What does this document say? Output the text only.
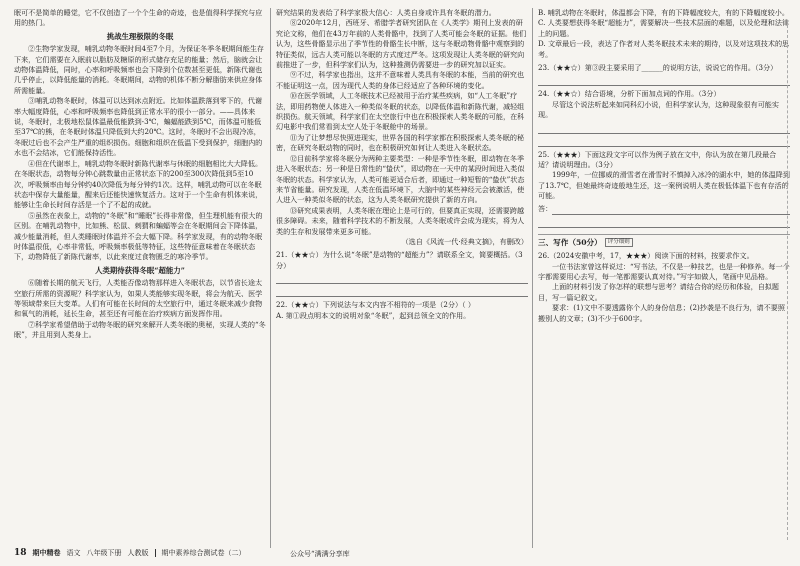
眠可不是简单的睡觉，它不仅创造了一个个生命的奇迹，也是值得科学探究与应用的热门。

挑战生理极限的冬眠

②生物学家发现，哺乳动物冬眠时间4至7个月，为保证冬季冬眠期间能生存下来，它们需要在入眠前以脂肪及糖原的形式储存充足的能量；然后，脑就会让动物体温降低，同时，心率和呼吸频率也会下降到个位数甚至更低，新陈代谢也几乎停止，以降低能量的消耗。冬眠期间，动物的机体不断分解脂肪来供应身体所需能量。

③哺乳动物冬眠时，体温可以达到冰点附近。比如体温跌落到零下的，代谢率大幅度降低，心率和呼吸频率也降低到正常水平的很小一部分。——具体来说，冬眠时，北极地松鼠体温最低能跌到-3℃，蝙蝠能跌到5℃，而体温可能低至37℃的熊，在冬眠时体温只降低到大约20℃。这时，冬眠时不会出现冷冻，冬眠过后也不会产生严重的组织损伤。细胞和组织在低温下受到保护，细胞内的水也不会结冰，它们能保持活性。

④但在代谢率上，哺乳动物冬眠时新陈代谢率与休眠的细胞相比大大降低。在冬眠状态，动物每分钟心跳数量由正常状态下的200至300次降低到5至10次，呼吸频率由每分钟约40次降低为每分钟约1次。这样，哺乳动物可以在冬眠状态中保存大量能量，醒来后还能快速恢复活力。这对于一个生命有机体来说，能够让生命长时间存活是一个了不起的成就。

⑤虽然在表象上，动物的“冬眠”和“睡眠”长得非常像，但生理机能有很大的区别。在哺乳动物中，比如熊、松鼠、刺猬和蝙蝠等会在冬眠期间会下降体温，减少能量消耗，但人类睡眠时体温并不会大幅下降。科学家发现，有的动物冬眠时体温很低，心率非常低，呼吸频率极低等特征，这些特征意味着在冬眠状态下，动物降低了新陈代谢率，以此来度过食物匮乏的寒冷季节。

人类期待获得冬眠“超能力”

⑥随着长期的航天飞行，人类能否像动物那样进入冬眠状态，以节省长途太空旅行所需的资源呢？科学家认为，如果人类能够实现冬眠，将会为航天、医学等领域带来巨大变革。人们有可能在长时间的太空旅行中，通过冬眠来减少食物和氧气的消耗，延长生命，甚至还有可能在治疗疾病方面发挥作用。

⑦科学家希望借助于动物冬眠的研究来解开人类冬眠的奥秘，实现人类的“冬眠”，并且用到人类身上。

研究结果的发表给了科学家极大信心：人类自身或许具有冬眠的潜力。

⑧2020年12月，西班牙、希腊学者研究团队在《人类学》期刊上发表的研究论文称，他们在43万年前的人类骨骼中，找到了人类可能会冬眠的证据。他们认为，这些骨骼显示出了季节性的骨骼生长中断，这与冬眠动物骨骼中观察到的特征类似，远古人类可能以冬眠的方式度过严冬。这项发现让人类冬眠的研究向前推进了一步，但科学家们认为，这种推测仍需要进一步的研究加以证实。

⑨不过，科学家也指出，这并不意味着人类具有冬眠的本能，当前的研究也不能证明这一点，因为现代人类的身体已经适应了各种环境的变化。

⑩在医学领域，人工冬眠技术已经被用于治疗某些疾病，如“人工冬眠”疗法，即用药物使人体进入一种类似冬眠的状态，以降低体温和新陈代谢，减轻组织损伤。航天领域，科学家们在太空旅行中也在积极探索人类冬眠的可能，在科幻电影中我们常看到太空人处于冬眠舱中的场景。

⑪为了让梦想尽快照进现实，世界各国的科学家都在积极探索人类冬眠的秘密，在研究冬眠动物的同时，也在积极研究如何让人类进入冬眠状态。

⑫目前科学家将冬眠分为两种主要类型：一种是季节性冬眠，即动物在冬季进入冬眠状态；另一种是日常性的“蛰伏”，即动物在一天中的某段时间进入类似冬眠的状态。科学家认为，人类可能更适合后者，即通过一种短暂的“蛰伏”状态来节省能量。研究发现，人类在低温环境下，大脑中的某些神经元会被激活，使人进入一种类似冬眠的状态，这为人类冬眠研究提供了新的方向。

⑬研究成果表明，人类冬眠在理论上是可行的，但要真正实现，还需要跨越很多障碍。未来，随着科学技术的不断发展，人类冬眠或许会成为现实，将为人类的生存和发展带来更多可能。

（选自《风流一代·经典文摘》，有删改）
21.（★★☆）为什么说“冬眠”是动物的“超能力”？请联系全文，简要概括。（3分）
22.（★★☆）下列说法与本文内容不相符的一项是（2分）（ ）
A. 第①段点明本文的说明对象“冬眠”，起到总领全文的作用。
B. 哺乳动物在冬眠时，体温都会下降，有的下降幅度较大，有的下降幅度较小。
C. 人类要想获得冬眠“超能力”，需要解决一些技术层面的难题，以及伦理和法律上的问题。
D. 文章最后一段，表达了作者对人类冬眠技术未来的期待，以及对这项技术的思考。
23.（★★☆）第③段主要采用了______的说明方法，说说它的作用。（3分）
24.（★★☆）结合语境，分析下面加点词的作用。（3分）

尽管这个说法听起来如同科幻小说，但科学家认为，这种现象很有可能实现。

25.（★★★）下面这段文字可以作为例子放在文中，你认为放在第几段最合适？请说明理由。（3分）

1999年，一位挪威的滑雪者在滑雪时不慎掉入冰冷的湖水中，她的体温降到了13.7℃，但她最终奇迹般地生还，这一案例说明人类在极低体温下也有存活的可能。

答：
三、写作（50分）	评分细则
26.（2024安徽中考，17，★★★）阅读下面的材料，按要求作文。

一位书法家曾这样说过：“写书法，不仅是一种技艺，也是一种修养。每一个字都需要用心去写，每一笔都需要认真对待。”写字如做人，笔画中见品格。

上面的材料引发了你怎样的联想与思考？请结合你的经历和体验，自拟题目，写一篇记叙文。

要求：(1)文中不要透露你个人的身份信息；(2)抄袭是不良行为，请不要照搬别人的文章；(3)不少于600字。

18 期中精卷 语文 八年级下册 人教版 期中素养综合测试卷（二）	公众号“满满分享库
